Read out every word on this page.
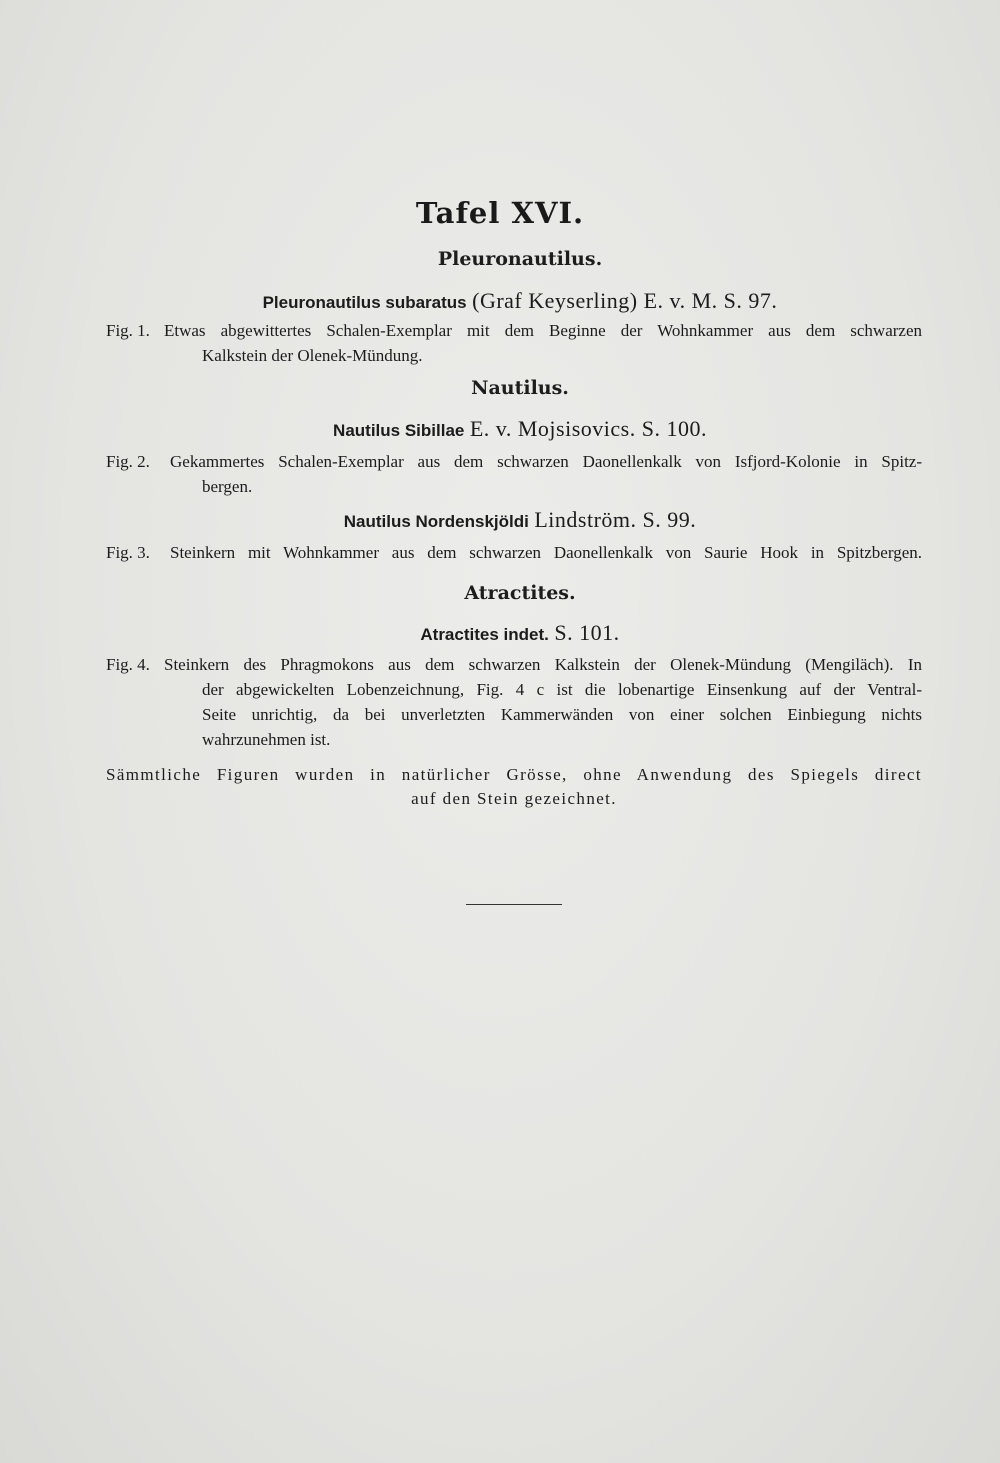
Tafel XVI.
Pleuronautilus.
Pleuronautilus subaratus (Graf Keyserling) E. v. M. S. 97.
Fig. 1. Etwas abgewittertes Schalen-Exemplar mit dem Beginne der Wohnkammer aus dem schwarzen
Kalkstein der Olenek-Mündung.
Nautilus.
Nautilus Sibillae E. v. Mojsisovics. S. 100.
Fig. 2.	Gekammertes Schalen-Exemplar aus dem schwarzen Daonellenkalk von Isfjord-Kolonie in Spitz-
bergen.
Nautilus Nordenskjöldi Lindström. S. 99.
Fig. 3.	Steinkern mit Wohnkammer aus dem schwarzen Daonellenkalk von Saurie Hook in Spitzbergen.
Atractites.
Atractites indet. S. 101.
Fig. 4. Steinkern des Phragmokons aus dem schwarzen Kalkstein der Olenek-Mündung (Mengiläch). In
der abgewickelten Lobenzeichnung, Fig. 4 c ist die lobenartige Einsenkung auf der Ventral-
Seite unrichtig, da bei unverletzten Kammerwänden von einer solchen Einbiegung nichts
wahrzunehmen ist.
Sämmtliche Figuren wurden in natürlicher Grösse, ohne Anwendung des Spiegels direct
auf den Stein gezeichnet.
